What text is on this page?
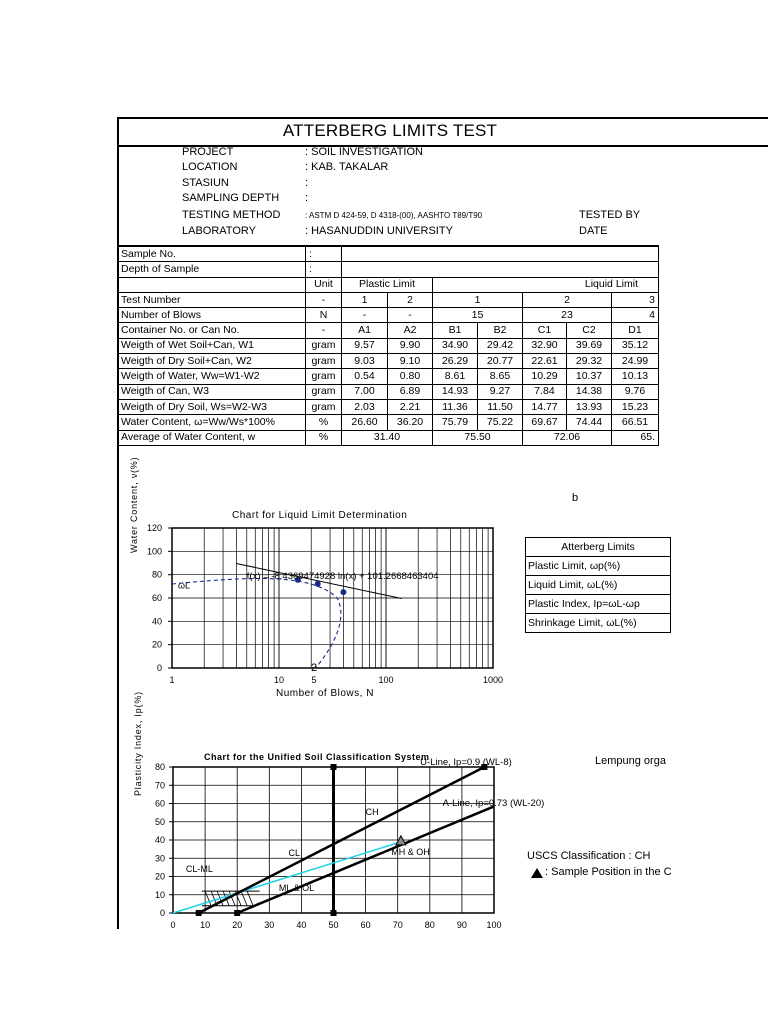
ATTERBERG LIMITS TEST
PROJECT	: SOIL INVESTIGATION
LOCATION	: KAB. TAKALAR
STASIUN	:
SAMPLING DEPTH :
TESTING METHOD	: ASTM D 424-59, D 4318-(00), AASHTO T89/T90
LABORATORY	: HASANUDDIN UNIVERSITY
TESTED BY
DATE
Sample No.	:							
Depth of Sample	:							
	Unit	Plastic Limit		Liquid Limit				
Test Number	-	1	2	1		2		3
Number of Blows	N	-	-	15		23		4
Container No. or Can No.	-	A1	A2	B1	B2	C1	C2	D1
Weigth of Wet Soil+Can, W1	gram	9.57	9.90	34.90	29.42	32.90	39.69	35.12
Weigth of Dry Soil+Can, W2	gram	9.03	9.10	26.29	20.77	22.61	29.32	24.99
Weigth of Water, Ww=W1-W2	gram	0.54	0.80	8.61	8.65	10.29	10.37	10.13
Weigth of Can, W3	gram	7.00	6.89	14.93	9.27	7.84	14.38	9.76
Weigth of Dry Soil, Ws=W2-W3	gram	2.03	2.21	11.36	11.50	14.77	13.93	15.23
Water Content, ω=Ww/Ws*100%	%	26.60	36.20	75.79	75.22	69.67	74.44	66.51
Average of Water Content, w	%	31.40		75.50		72.06		65.
Water Content, ν(%)	b
Chart for Liquid Limit Determination
Number of Blows, N
0
20
40
60
80
100
120
1	10	100	1000
f(x) = -8.4369474928 ln(x) + 101.2668463404
ωL
2
5
Atterberg Limits
Plastic Limit, ωp(%)
Liquid Limit, ωL(%)
Plastic Index, Ip=ωL-ωp
Shrinkage Limit, ωL(%)
Plasticity Index, Ip(%)	Chart for the Unified Soil Classification System	Lempung orga
USCS Classification : CH
: Sample Position in the C
0
10
20
30
40
50
60
70
80
0	10 20 30 40 50 60 70 80 90 100
U-Line, Ip=0.9 (WL-8)
A-Line, Ip=0.73 (WL-20)
CH
CL
CL-ML
MH & OH
ML & OL
